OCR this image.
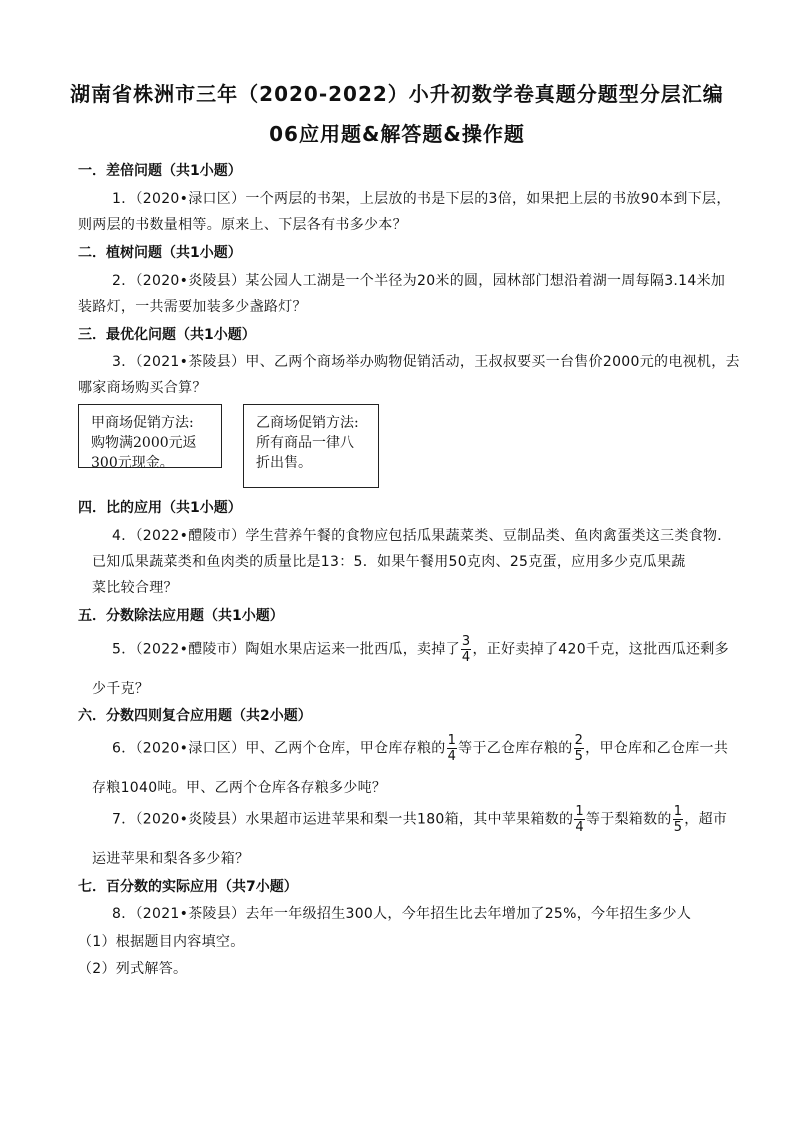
湖南省株洲市三年（2020-2022）小升初数学卷真题分题型分层汇编
06应用题&解答题&操作题
一．差倍问题（共1小题）
1．（2020•渌口区）一个两层的书架，上层放的书是下层的3倍，如果把上层的书放90本到下层，
则两层的书数量相等。原来上、下层各有书多少本？
二．植树问题（共1小题）
2．（2020•炎陵县）某公园人工湖是一个半径为20米的圆，园林部门想沿着湖一周每隔3.14米加
装路灯，一共需要加装多少盏路灯？
三．最优化问题（共1小题）
3．（2021•茶陵县）甲、乙两个商场举办购物促销活动，王叔叔要买一台售价2000元的电视机，去
哪家商场购买合算？
甲商场促销方法:
购物满2000元返
300元现金。
乙商场促销方法:
所有商品一律八
折出售。
四．比的应用（共1小题）
4．（2022•醴陵市）学生营养午餐的食物应包括瓜果蔬菜类、豆制品类、鱼肉禽蛋类这三类食物．
已知瓜果蔬菜类和鱼肉类的质量比是13：5．如果午餐用50克肉、25克蛋，应用多少克瓜果蔬
菜比较合理？
五．分数除法应用题（共1小题）
5．（2022•醴陵市）陶姐水果店运来一批西瓜，卖掉了 $\frac{3}{4}$ ，正好卖掉了420千克，这批西瓜还剩多
少千克？
六．分数四则复合应用题（共2小题）
6．（2020•渌口区）甲、乙两个仓库，甲仓库存粮的 $\frac{1}{4}$ 等于乙仓库存粮的 $\frac{2}{5}$ ，甲仓库和乙仓库一共
存粮1040吨。甲、乙两个仓库各存粮多少吨？
7．（2020•炎陵县）水果超市运进苹果和梨一共180箱，其中苹果箱数的 $\frac{1}{4}$ 等于梨箱数的 $\frac{1}{5}$ ，超市
运进苹果和梨各多少箱？
七．百分数的实际应用（共7小题）
8．（2021•茶陵县）去年一年级招生300人，今年招生比去年增加了25%，今年招生多少人
（1）根据题目内容填空。
（2）列式解答。
